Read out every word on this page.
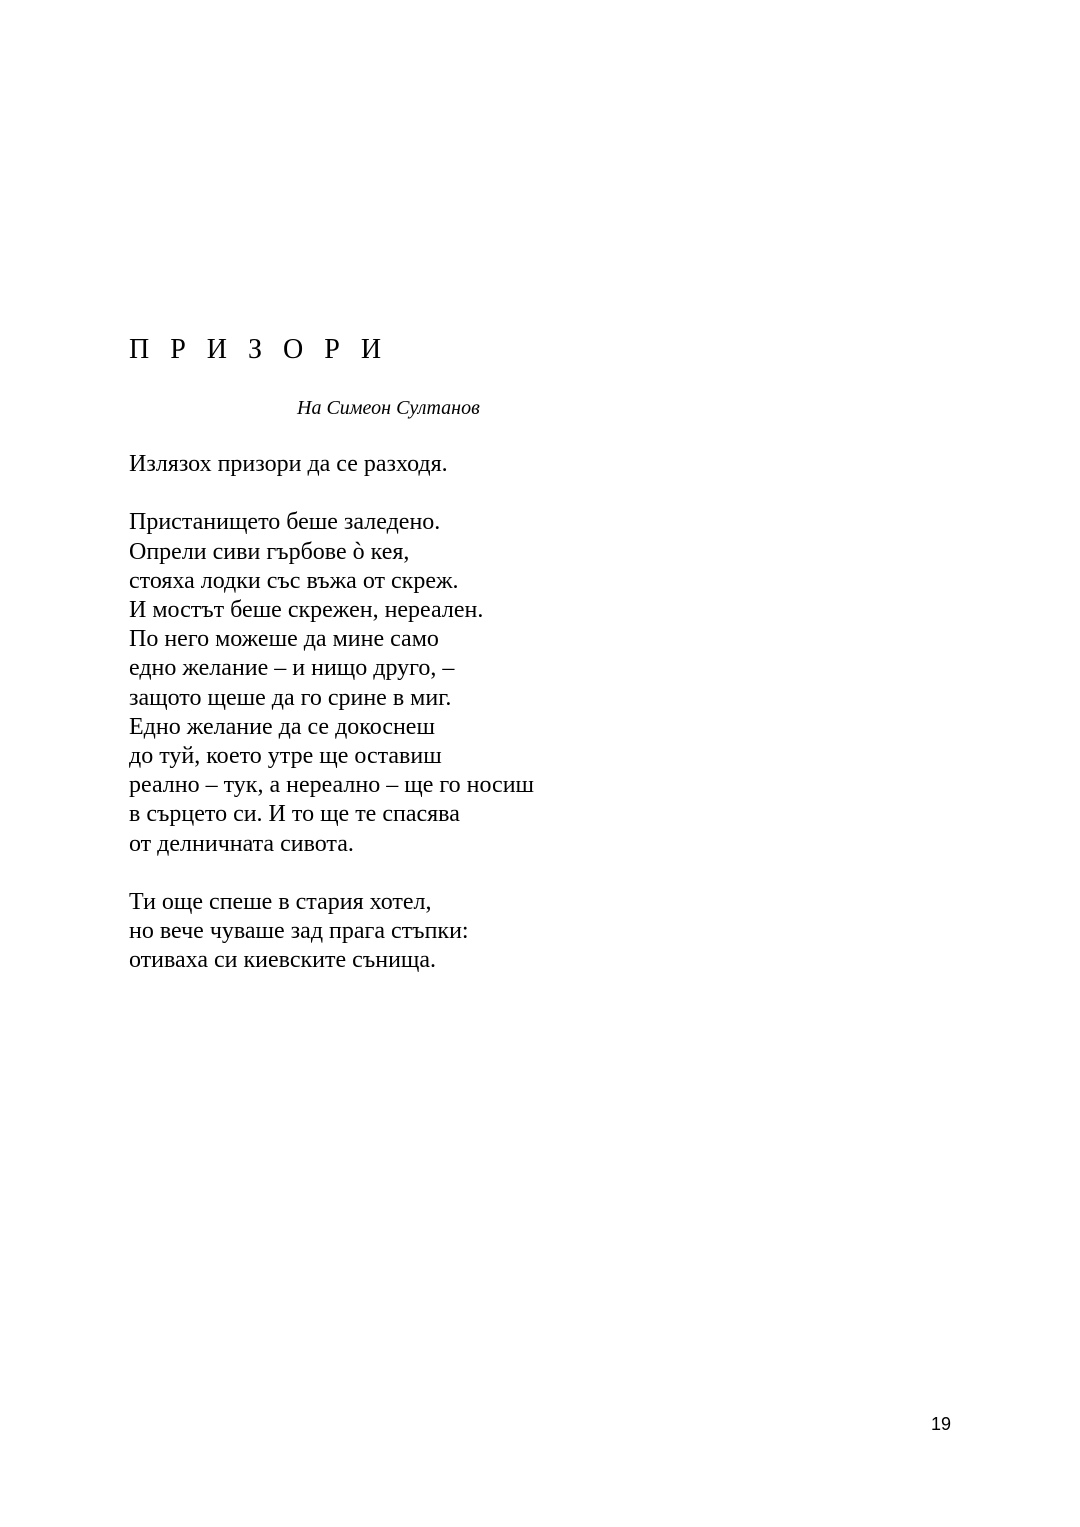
П Р И З О Р И
На Симеон Султанов
Излязох призори да се разходя.
Пристанището беше заледено.
Опрели сиви гърбове ò кея,
стояха лодки със въжа от скреж.
И мостът беше скрежен, нереален.
По него можеше да мине само
едно желание – и нищо друго, –
защото щеше да го срине в миг.
Едно желание да се докоснеш
до туй, което утре ще оставиш
реално – тук, а нереално – ще го носиш
в сърцето си. И то ще те спасява
от делничната сивота.
Ти още спеше в стария хотел,
но вече чуваше зад прага стъпки:
отиваха си киевските сънища.
19
